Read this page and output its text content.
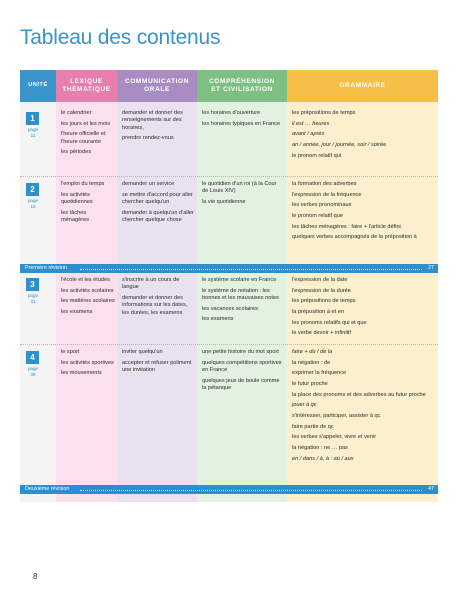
Tableau des contenus
UNITÉ
LEXIQUE THÉMATIQUE
COMMUNICATION ORALE
COMPRÉHENSION ET CIVILISATION
GRAMMAIRE
1
page
11

le calendrier

les jours et les mois

l'heure officielle et l'heure courante

les périodes

demander et donner des renseignements sur des horaires,

prendre rendez-vous

les horaires d'ouverture

les horaires typiques en France

les prépositions de temps

il est … heures

avant / après

an / année, jour / journée, soir / soirée

le pronom relatif qui

2
page
19

l'emploi du temps

les activités quotidiennes

les tâches ménagères

demander un service

se mettre d'accord pour aller chercher quelqu'un

demander à quelqu'un d'aller chercher quelque chose

le quotidien d'un roi (à la Cour de Louis XIV)

la vie quotidienne

la formation des adverbes

l'expression de la fréquence

les verbes pronominaux

le pronom relatif que

les tâches ménagères : faire + l'article défini

quelques verbes accompagnés de la préposition à

Première révision	27
3
page
31

l'école et les études

les activités scolaires

les matières scolaires

les examens

s'inscrire à un cours de langue

demander et donner des informations sur les dates, les durées, les examens

le système scolaire en France

le système de notation : les bonnes et les mauvaises notes

les vacances scolaires

les examens

l'expression de la date

l'expression de la durée

les prépositions de temps

la préposition à et en

les pronoms relatifs qui et que

le verbe devoir + infinitif

4
page
39

le sport

les activités sportives

les mouvements

inviter quelqu'un

accepter et refuser poliment une invitation

une petite histoire du mot sport

quelques compétitions sportives en France

quelques jeux de boule comme la pétanque

faire + du / de la

la négation : de

exprimer la fréquence

le futur proche

la place des pronoms et des adverbes au futur proche

jouer à qc

s'intéresser, participer, assister à qc

faire partie de qc

les verbes s'appeler, vivre et venir

la négation : ne … pas

en / dans / à, à : au / aux

Deuxième révision	47
8
